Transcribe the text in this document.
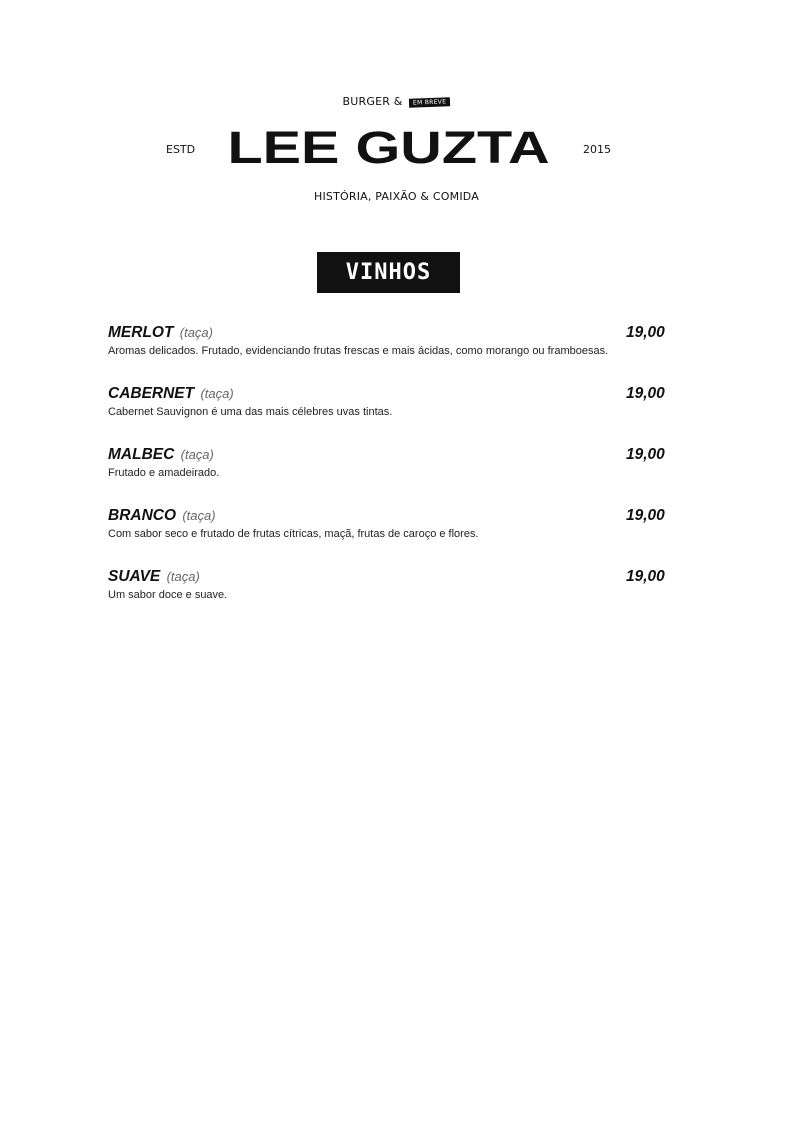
BURGER & EM BREVE
ESTD LEE GUZTA	2015
HISTÓRIA, PAIXÃO & COMIDA
VINHOS
MERLOT (taça)	19,00
Aromas delicados. Frutado, evidenciando frutas frescas e mais ácidas, como morango ou framboesas.
CABERNET (taça)	19,00
Cabernet Sauvignon é uma das mais célebres uvas tintas.
MALBEC (taça)	19,00
Frutado e amadeirado.
BRANCO (taça)	19,00
Com sabor seco e frutado de frutas cítricas, maçã, frutas de caroço e flores.
SUAVE (taça)	19,00
Um sabor doce e suave.
